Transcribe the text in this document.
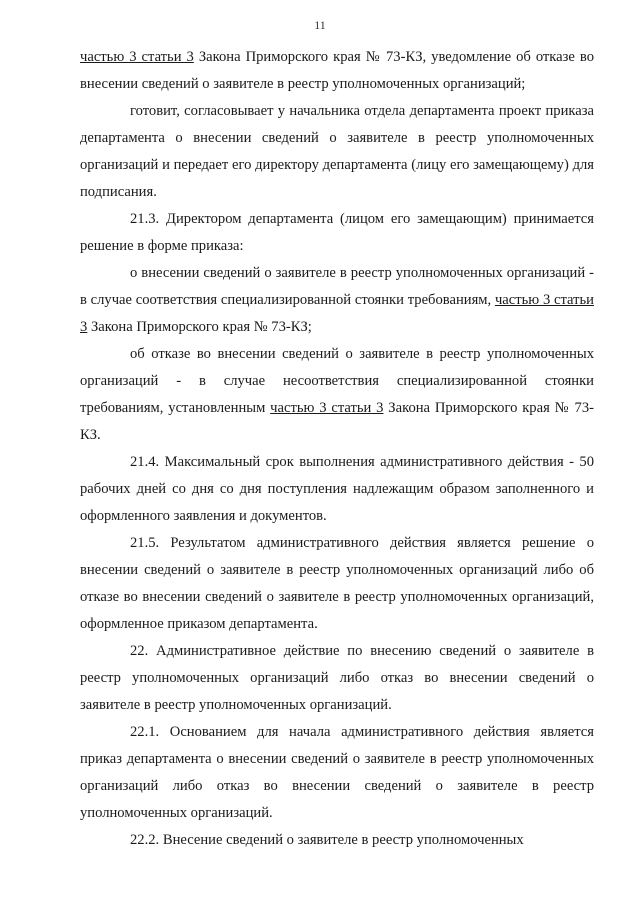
11

частью 3 статьи 3 Закона Приморского края № 73-КЗ, уведомление об отказе во внесении сведений о заявителе в реестр уполномоченных организаций;

готовит, согласовывает у начальника отдела департамента проект приказа департамента о внесении сведений о заявителе в реестр уполномоченных организаций и передает его директору департамента (лицу его замещающему) для подписания.

21.3. Директором департамента (лицом его замещающим) принимается решение в форме приказа:

о внесении сведений о заявителе в реестр уполномоченных организаций - в случае соответствия специализированной стоянки требованиям, частью 3 статьи 3 Закона Приморского края № 73-КЗ;

об отказе во внесении сведений о заявителе в реестр уполномоченных организаций - в случае несоответствия специализированной стоянки требованиям, установленным частью 3 статьи 3 Закона Приморского края № 73-КЗ.

21.4. Максимальный срок выполнения административного действия - 50 рабочих дней со дня со дня поступления надлежащим образом заполненного и оформленного заявления и документов.

21.5. Результатом административного действия является решение о внесении сведений о заявителе в реестр уполномоченных организаций либо об отказе во внесении сведений о заявителе в реестр уполномоченных организаций, оформленное приказом департамента.

22. Административное действие по внесению сведений о заявителе в реестр уполномоченных организаций либо отказ во внесении сведений о заявителе в реестр уполномоченных организаций.

22.1. Основанием для начала административного действия является приказ департамента о внесении сведений о заявителе в реестр уполномоченных организаций либо отказ во внесении сведений о заявителе в реестр уполномоченных организаций.

22.2. Внесение сведений о заявителе в реестр уполномоченных
